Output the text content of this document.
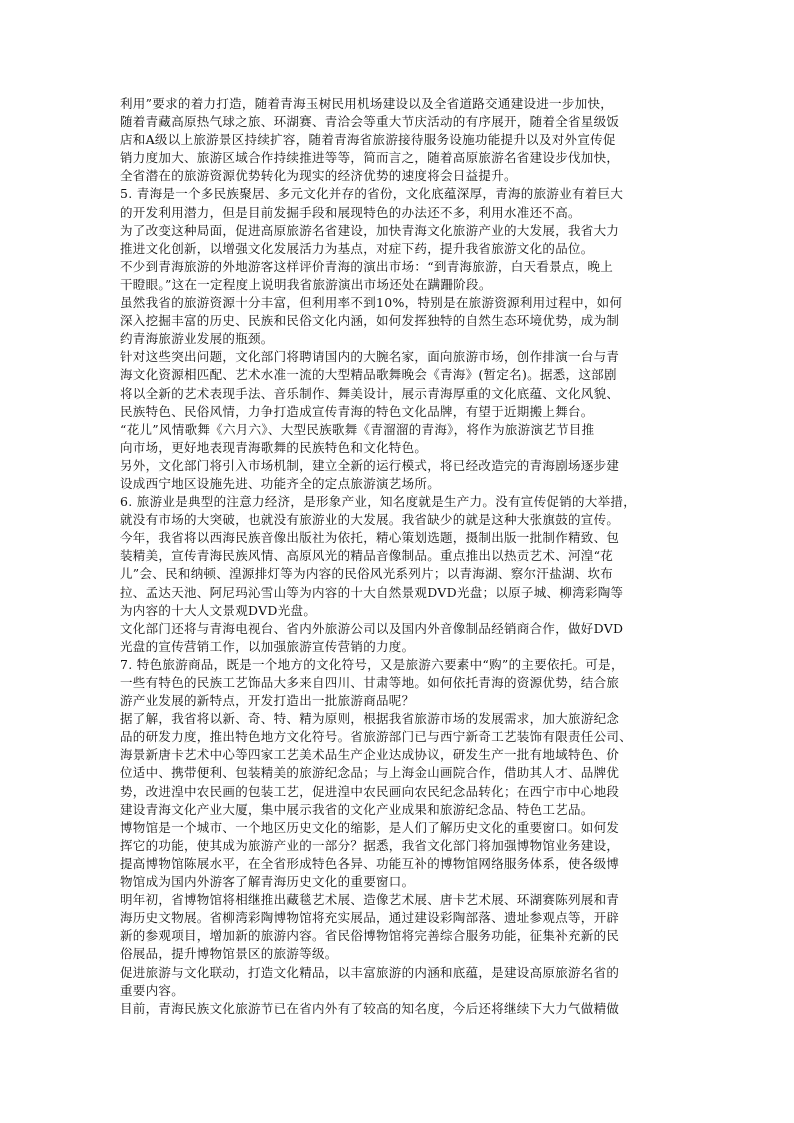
利用”要求的着力打造，随着青海玉树民用机场建设以及全省道路交通建设进一步加快，
随着青藏高原热气球之旅、环湖赛、青洽会等重大节庆活动的有序展开，随着全省星级饭
店和A级以上旅游景区持续扩容，随着青海省旅游接待服务设施功能提升以及对外宣传促
销力度加大、旅游区域合作持续推进等等，简而言之，随着高原旅游名省建设步伐加快，
全省潜在的旅游资源优势转化为现实的经济优势的速度将会日益提升。
5. 青海是一个多民族聚居、多元文化并存的省份，文化底蕴深厚，青海的旅游业有着巨大
的开发利用潜力，但是目前发掘手段和展现特色的办法还不多，利用水准还不高。
为了改变这种局面，促进高原旅游名省建设，加快青海文化旅游产业的大发展，我省大力
推进文化创新，以增强文化发展活力为基点，对症下药，提升我省旅游文化的品位。
不少到青海旅游的外地游客这样评价青海的演出市场：“到青海旅游，白天看景点，晚上
干瞪眼。”这在一定程度上说明我省旅游演出市场还处在蹒跚阶段。
虽然我省的旅游资源十分丰富，但利用率不到10%，特别是在旅游资源利用过程中，如何
深入挖掘丰富的历史、民族和民俗文化内涵，如何发挥独特的自然生态环境优势，成为制
约青海旅游业发展的瓶颈。
针对这些突出问题，文化部门将聘请国内的大腕名家，面向旅游市场，创作排演一台与青
海文化资源相匹配、艺术水准一流的大型精品歌舞晚会《青海》(暂定名)。据悉，这部剧
将以全新的艺术表现手法、音乐制作、舞美设计，展示青海厚重的文化底蕴、文化风貌、
民族特色、民俗风情，力争打造成宣传青海的特色文化品牌，有望于近期搬上舞台。
“花儿”风情歌舞《六月六》、大型民族歌舞《青溜溜的青海》，将作为旅游演艺节目推
向市场，更好地表现青海歌舞的民族特色和文化特色。
另外，文化部门将引入市场机制，建立全新的运行模式，将已经改造完的青海剧场逐步建
设成西宁地区设施先进、功能齐全的定点旅游演艺场所。
6. 旅游业是典型的注意力经济，是形象产业，知名度就是生产力。没有宣传促销的大举措，
就没有市场的大突破，也就没有旅游业的大发展。我省缺少的就是这种大张旗鼓的宣传。
今年，我省将以西海民族音像出版社为依托，精心策划选题，摄制出版一批制作精致、包
装精美，宣传青海民族风情、高原风光的精品音像制品。重点推出以热贡艺术、河湟“花
儿”会、民和纳顿、湟源排灯等为内容的民俗风光系列片；以青海湖、察尔汗盐湖、坎布
拉、孟达天池、阿尼玛沁雪山等为内容的十大自然景观DVD光盘；以原子城、柳湾彩陶等
为内容的十大人文景观DVD光盘。
文化部门还将与青海电视台、省内外旅游公司以及国内外音像制品经销商合作，做好DVD
光盘的宣传营销工作，以加强旅游宣传营销的力度。
7. 特色旅游商品，既是一个地方的文化符号，又是旅游六要素中“购”的主要依托。可是，
一些有特色的民族工艺饰品大多来自四川、甘肃等地。如何依托青海的资源优势，结合旅
游产业发展的新特点，开发打造出一批旅游商品呢？
据了解，我省将以新、奇、特、精为原则，根据我省旅游市场的发展需求，加大旅游纪念
品的研发力度，推出特色地方文化符号。省旅游部门已与西宁新奇工艺装饰有限责任公司、
海景新唐卡艺术中心等四家工艺美术品生产企业达成协议，研发生产一批有地域特色、价
位适中、携带便利、包装精美的旅游纪念品；与上海金山画院合作，借助其人才、品牌优
势，改进湟中农民画的包装工艺，促进湟中农民画向农民纪念品转化；在西宁市中心地段
建设青海文化产业大厦，集中展示我省的文化产业成果和旅游纪念品、特色工艺品。
博物馆是一个城市、一个地区历史文化的缩影，是人们了解历史文化的重要窗口。如何发
挥它的功能，使其成为旅游产业的一部分？据悉，我省文化部门将加强博物馆业务建设，
提高博物馆陈展水平，在全省形成特色各异、功能互补的博物馆网络服务体系，使各级博
物馆成为国内外游客了解青海历史文化的重要窗口。
明年初，省博物馆将相继推出藏毯艺术展、造像艺术展、唐卡艺术展、环湖赛陈列展和青
海历史文物展。省柳湾彩陶博物馆将充实展品，通过建设彩陶部落、遗址参观点等，开辟
新的参观项目，增加新的旅游内容。省民俗博物馆将完善综合服务功能，征集补充新的民
俗展品，提升博物馆景区的旅游等级。
促进旅游与文化联动，打造文化精品，以丰富旅游的内涵和底蕴，是建设高原旅游名省的
重要内容。
目前，青海民族文化旅游节已在省内外有了较高的知名度，今后还将继续下大力气做精做
